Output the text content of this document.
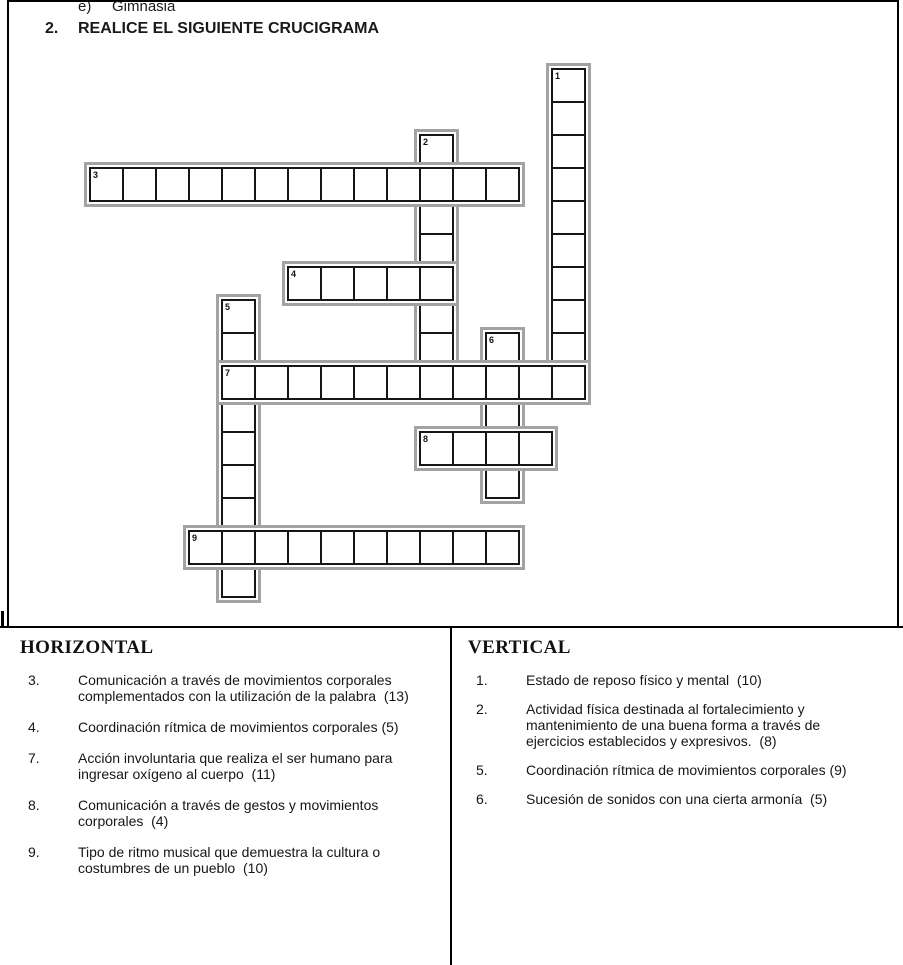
e) Gimnasia
2. REALICE EL SIGUIENTE CRUCIGRAMA
1
2
3
4
5
6
7
8
9
HORIZONTAL
3.	Comunicación a través de movimientos corporales complementados con la utilización de la palabra  (13)
4.	Coordinación rítmica de movimientos corporales (5)
7.	Acción involuntaria que realiza el ser humano para ingresar oxígeno al cuerpo  (11)
8.	Comunicación a través de gestos y movimientos corporales  (4)
9.	Tipo de ritmo musical que demuestra la cultura o costumbres de un pueblo  (10)
VERTICAL
1.	Estado de reposo físico y mental  (10)
2.	Actividad física destinada al fortalecimiento y mantenimiento de una buena forma a través de ejercicios establecidos y expresivos.  (8)
5.	Coordinación rítmica de movimientos corporales (9)
6.	Sucesión de sonidos con una cierta armonía  (5)
